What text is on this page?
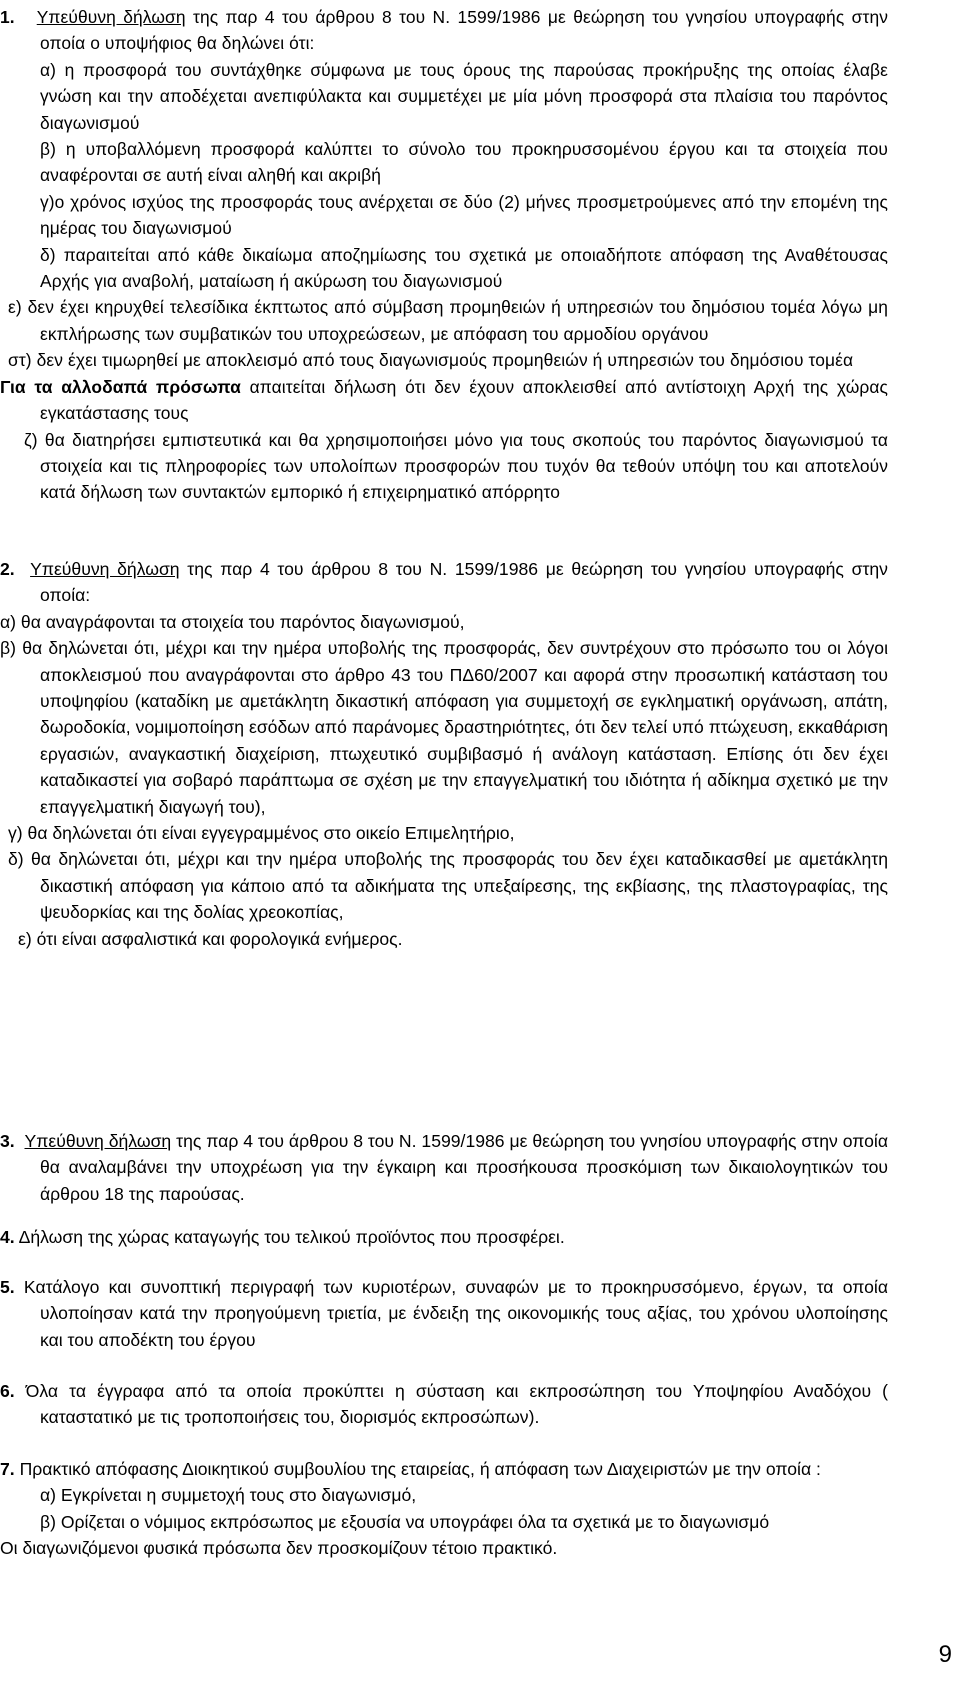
1. Υπεύθυνη δήλωση της παρ 4 του άρθρου 8 του Ν. 1599/1986 με θεώρηση του γνησίου υπογραφής στην οποία ο υποψήφιος θα δηλώνει ότι:

α) η προσφορά του συντάχθηκε σύμφωνα με τους όρους της παρούσας προκήρυξης της οποίας έλαβε γνώση και την αποδέχεται ανεπιφύλακτα και συμμετέχει με μία μόνη προσφορά στα πλαίσια του παρόντος διαγωνισμού

β) η υποβαλλόμενη προσφορά καλύπτει το σύνολο του προκηρυσσομένου έργου και τα στοιχεία που αναφέρονται σε αυτή είναι αληθή και ακριβή

γ)ο χρόνος ισχύος της προσφοράς τους ανέρχεται σε δύο (2) μήνες προσμετρούμενες από την επομένη της ημέρας του διαγωνισμού

δ) παραιτείται από κάθε δικαίωμα αποζημίωσης του σχετικά με οποιαδήποτε απόφαση της Αναθέτουσας Αρχής για αναβολή, ματαίωση ή ακύρωση του διαγωνισμού

ε) δεν έχει κηρυχθεί τελεσίδικα έκπτωτος από σύμβαση προμηθειών ή υπηρεσιών του δημόσιου τομέα λόγω μη εκπλήρωσης των συμβατικών του υποχρεώσεων, με απόφαση του αρμοδίου οργάνου

στ) δεν έχει τιμωρηθεί με αποκλεισμό από τους διαγωνισμούς προμηθειών ή υπηρεσιών του δημόσιου τομέα

Για τα αλλοδαπά πρόσωπα απαιτείται δήλωση ότι δεν έχουν αποκλεισθεί από αντίστοιχη Αρχή της χώρας εγκατάστασης τους

ζ) θα διατηρήσει εμπιστευτικά και θα χρησιμοποιήσει μόνο για τους σκοπούς του παρόντος διαγωνισμού τα στοιχεία και τις πληροφορίες των υπολοίπων προσφορών που τυχόν θα τεθούν υπόψη του και αποτελούν κατά δήλωση των συντακτών εμπορικό ή επιχειρηματικό απόρρητο

2. Υπεύθυνη δήλωση της παρ 4 του άρθρου 8 του Ν. 1599/1986 με θεώρηση του γνησίου υπογραφής στην οποία:

α) θα αναγράφονται τα στοιχεία του παρόντος διαγωνισμού,

β) θα δηλώνεται ότι, μέχρι και την ημέρα υποβολής της προσφοράς, δεν συντρέχουν στο πρόσωπο του οι λόγοι αποκλεισμού που αναγράφονται στο άρθρο 43 του ΠΔ60/2007 και αφορά στην προσωπική κατάσταση του υποψηφίου (καταδίκη με αμετάκλητη δικαστική απόφαση για συμμετοχή σε εγκληματική οργάνωση, απάτη, δωροδοκία, νομιμοποίηση εσόδων από παράνομες δραστηριότητες, ότι δεν τελεί υπό πτώχευση, εκκαθάριση εργασιών, αναγκαστική διαχείριση, πτωχευτικό συμβιβασμό ή ανάλογη κατάσταση. Επίσης ότι δεν έχει καταδικαστεί για σοβαρό παράπτωμα σε σχέση με την επαγγελματική του ιδιότητα ή αδίκημα σχετικό με την επαγγελματική διαγωγή του),

γ) θα δηλώνεται ότι είναι εγγεγραμμένος στο οικείο Επιμελητήριο,

δ) θα δηλώνεται ότι, μέχρι και την ημέρα υποβολής της προσφοράς του δεν έχει καταδικασθεί με αμετάκλητη δικαστική απόφαση για κάποιο από τα αδικήματα της υπεξαίρεσης, της εκβίασης, της πλαστογραφίας, της ψευδορκίας και της δολίας χρεοκοπίας,

ε) ότι είναι ασφαλιστικά και φορολογικά ενήμερος.

3. Υπεύθυνη δήλωση της παρ 4 του άρθρου 8 του Ν. 1599/1986 με θεώρηση του γνησίου υπογραφής στην οποία θα αναλαμβάνει την υποχρέωση για την έγκαιρη και προσήκουσα προσκόμιση των δικαιολογητικών του άρθρου 18 της παρούσας.

4. Δήλωση της χώρας καταγωγής του τελικού προϊόντος που προσφέρει.

5. Κατάλογο και συνοπτική περιγραφή των κυριοτέρων, συναφών με το προκηρυσσόμενο, έργων, τα οποία υλοποίησαν κατά την προηγούμενη τριετία, με ένδειξη της οικονομικής τους αξίας, του χρόνου υλοποίησης και του αποδέκτη του έργου

6. Όλα τα έγγραφα από τα οποία προκύπτει η σύσταση και εκπροσώπηση του Υποψηφίου Αναδόχου ( καταστατικό με τις τροποποιήσεις του, διορισμός εκπροσώπων).

7. Πρακτικό απόφασης Διοικητικού συμβουλίου της εταιρείας, ή απόφαση των Διαχειριστών με την οποία :

α) Εγκρίνεται η συμμετοχή τους στο διαγωνισμό,

β) Ορίζεται ο νόμιμος εκπρόσωπος με εξουσία να υπογράφει όλα τα σχετικά με το διαγωνισμό

Οι διαγωνιζόμενοι φυσικά πρόσωπα δεν προσκομίζουν τέτοιο πρακτικό.

9
